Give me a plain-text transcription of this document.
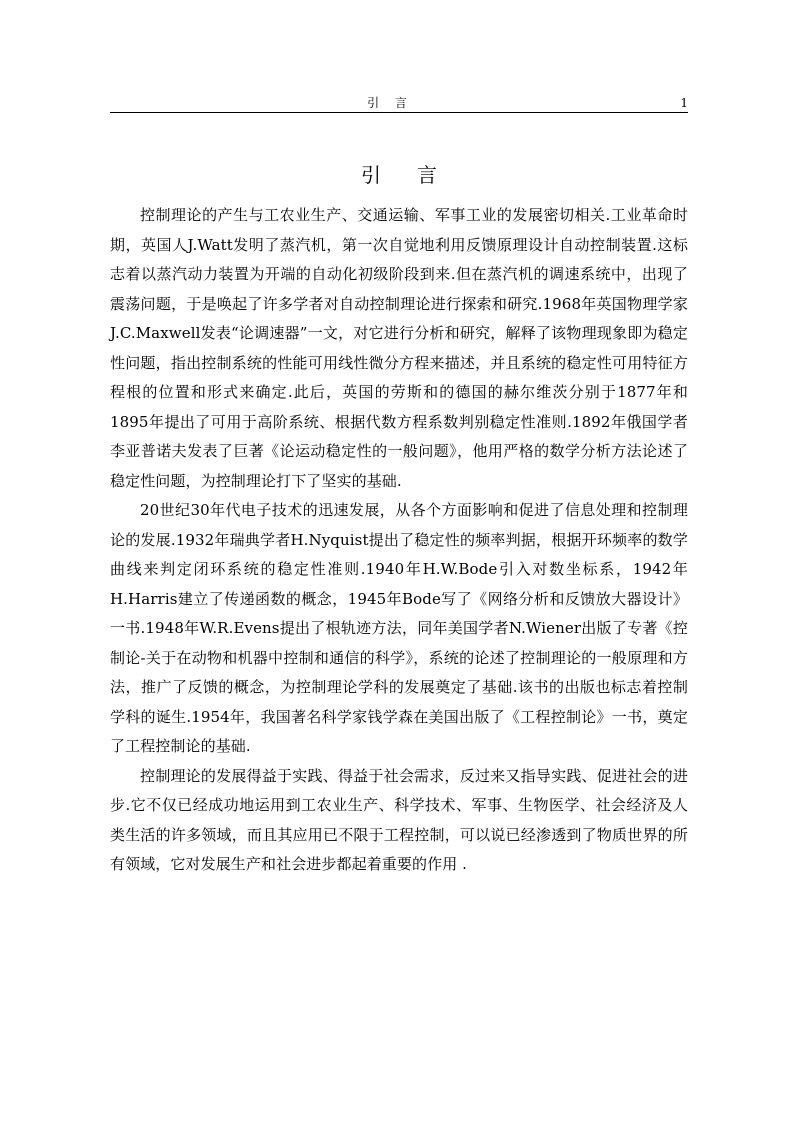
引 言	1
引言

控制理论的产生与工农业生产、交通运输、军事工业的发展密切相关.工业革命时期，英国人J.Watt发明了蒸汽机，第一次自觉地利用反馈原理设计自动控制装置.这标志着以蒸汽动力装置为开端的自动化初级阶段到来.但在蒸汽机的调速系统中，出现了震荡问题，于是唤起了许多学者对自动控制理论进行探索和研究.1968年英国物理学家J.C.Maxwell发表“论调速器”一文，对它进行分析和研究，解释了该物理现象即为稳定性问题，指出控制系统的性能可用线性微分方程来描述，并且系统的稳定性可用特征方程根的位置和形式来确定.此后，英国的劳斯和的德国的赫尔维茨分别于1877年和1895年提出了可用于高阶系统、根据代数方程系数判别稳定性准则.1892年俄国学者李亚普诺夫发表了巨著《论运动稳定性的一般问题》，他用严格的数学分析方法论述了稳定性问题，为控制理论打下了坚实的基础.

20世纪30年代电子技术的迅速发展，从各个方面影响和促进了信息处理和控制理论的发展.1932年瑞典学者H.Nyquist提出了稳定性的频率判据，根据开环频率的数学曲线来判定闭环系统的稳定性准则.1940年H.W.Bode引入对数坐标系，1942年H.Harris建立了传递函数的概念，1945年Bode写了《网络分析和反馈放大器设计》一书.1948年W.R.Evens提出了根轨迹方法，同年美国学者N.Wiener出版了专著《控制论-关于在动物和机器中控制和通信的科学》，系统的论述了控制理论的一般原理和方法，推广了反馈的概念，为控制理论学科的发展奠定了基础.该书的出版也标志着控制学科的诞生.1954年，我国著名科学家钱学森在美国出版了《工程控制论》一书，奠定了工程控制论的基础.

控制理论的发展得益于实践、得益于社会需求，反过来又指导实践、促进社会的进步.它不仅已经成功地运用到工农业生产、科学技术、军事、生物医学、社会经济及人类生活的许多领域，而且其应用已不限于工程控制，可以说已经渗透到了物质世界的所有领域，它对发展生产和社会进步都起着重要的作用 .
